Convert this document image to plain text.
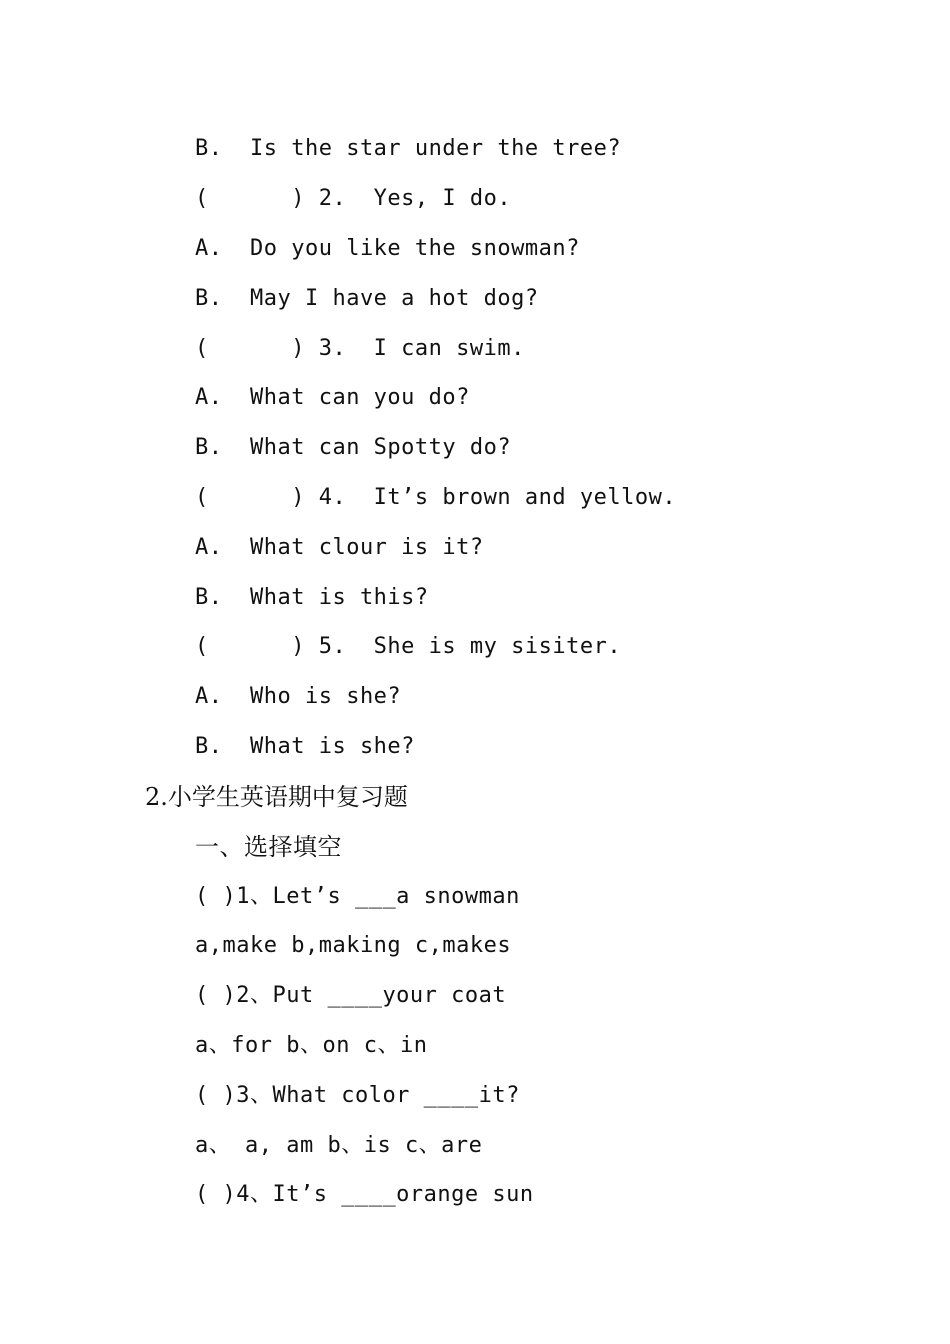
B.  Is the star under the tree?
(      ) 2.  Yes, I do.
A.  Do you like the snowman?
B.  May I have a hot dog?
(      ) 3.  I can swim.
A.  What can you do?
B.  What can Spotty do?
(      ) 4.  It’s brown and yellow.
A.  What clour is it?
B.  What is this?
(      ) 5.  She is my sisiter.
A.  Who is she?
B.  What is she?
2.小学生英语期中复习题
一、选择填空
( )1、Let’s ___a snowman
a,make b,making c,makes
( )2、Put ____your coat
a、for b、on c、in
( )3、What color ____it?
a、 a, am b、is c、are
( )4、It’s ____orange sun
